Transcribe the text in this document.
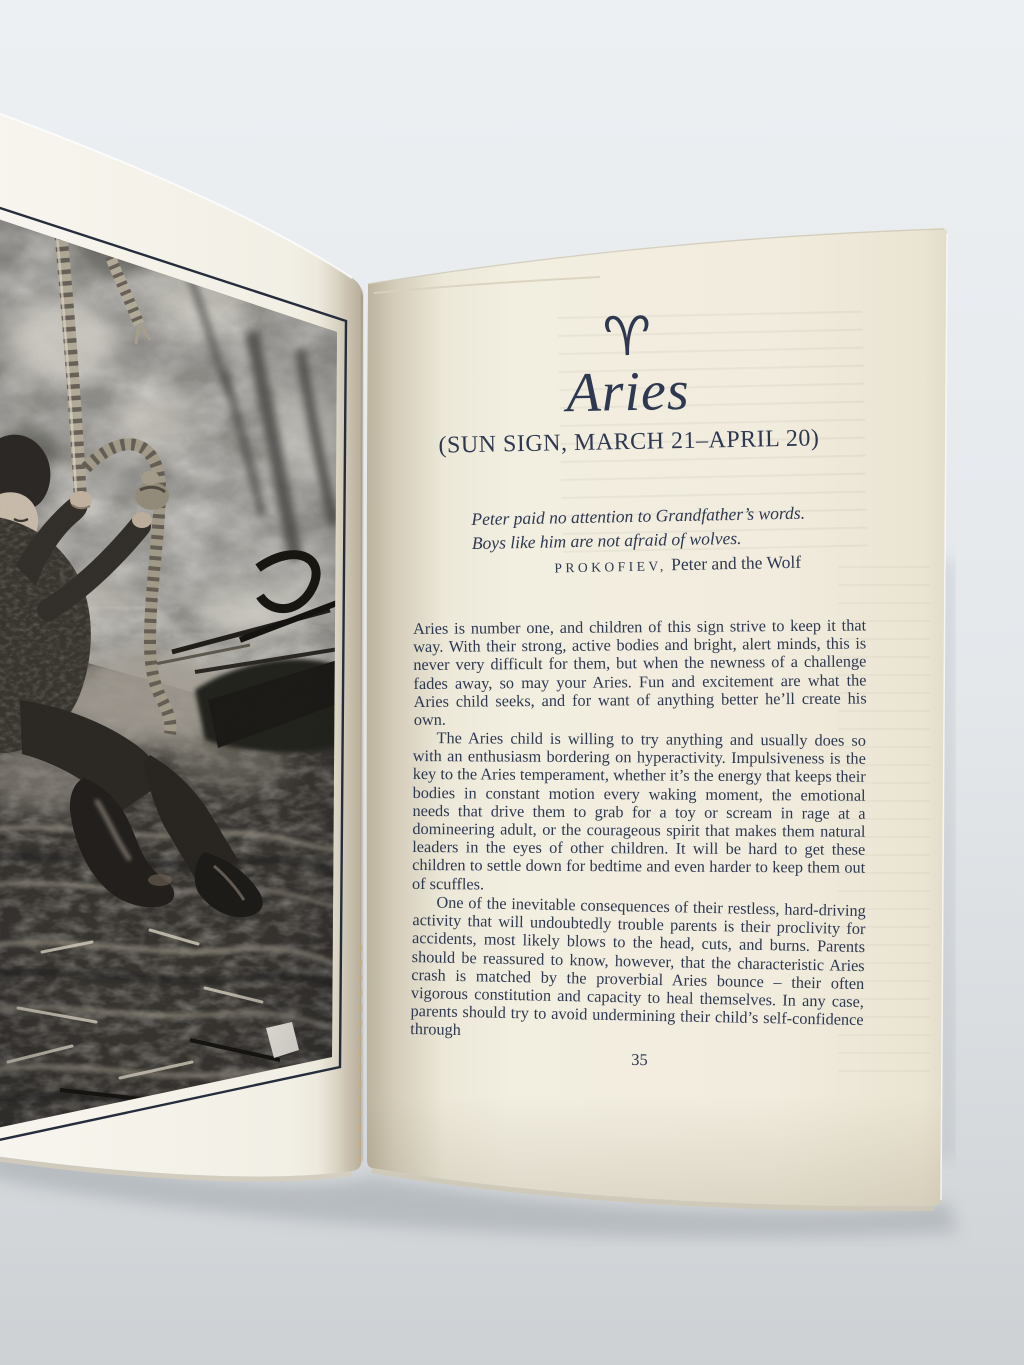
♈
Aries
(SUN SIGN, MARCH 21–APRIL 20)
Peter paid no attention to Grandfather’s words.
Boys like him are not afraid of wolves.
PROKOFIEV, Peter and the Wolf

Aries is number one, and children of this sign strive to keep it that way. With their strong, active bodies and bright, alert minds, this is never very difficult for them, but when the newness of a challenge fades away, so may your Aries. Fun and excitement are what the Aries child seeks, and for want of anything better he’ll create his own.

The Aries child is willing to try anything and usually does so with an enthusiasm bordering on hyperactivity. Impulsiveness is the key to the Aries temperament, whether it’s the energy that keeps their bodies in constant motion every waking moment, the emotional needs that drive them to grab for a toy or scream in rage at a domineering adult, or the courageous spirit that makes them natural leaders in the eyes of other children. It will be hard to get these children to settle down for bedtime and even harder to keep them out of scuffles.

One of the inevitable consequences of their restless, hard-driving activity that will undoubtedly trouble parents is their proclivity for accidents, most likely blows to the head, cuts, and burns. Parents should be reassured to know, however, that the characteristic Aries crash is matched by the proverbial Aries bounce – their often vigorous constitution and capacity to heal themselves. In any case, parents should try to avoid undermining their child’s self-confidence through

35
